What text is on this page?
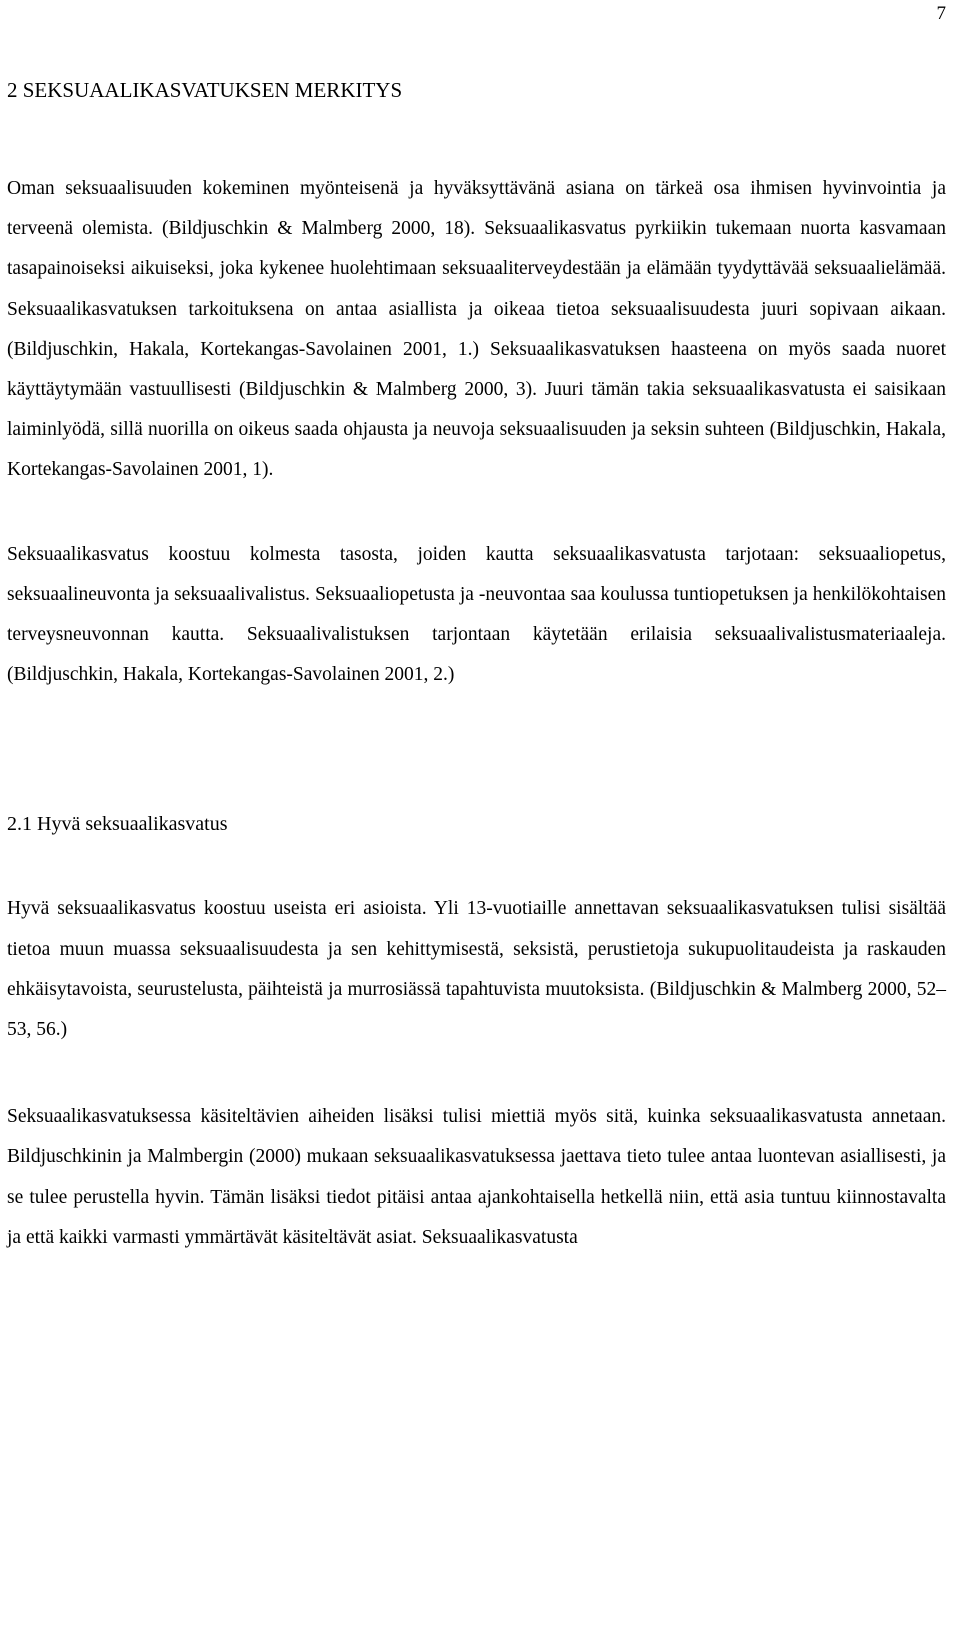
7
2 SEKSUAALIKASVATUKSEN MERKITYS

Oman seksuaalisuuden kokeminen myönteisenä ja hyväksyttävänä asiana on tärkeä osa ihmisen hyvinvointia ja terveenä olemista. (Bildjuschkin & Malmberg 2000, 18). Seksuaalikasvatus pyrkiikin tukemaan nuorta kasvamaan tasapainoiseksi aikuiseksi, joka kykenee huolehtimaan seksuaaliterveydestään ja elämään tyydyttävää seksuaalielämää. Seksuaalikasvatuksen tarkoituksena on antaa asiallista ja oikeaa tietoa seksuaalisuudesta juuri sopivaan aikaan. (Bildjuschkin, Hakala, Kortekangas-Savolainen 2001, 1.) Seksuaalikasvatuksen haasteena on myös saada nuoret käyttäytymään vastuullisesti (Bildjuschkin & Malmberg 2000, 3). Juuri tämän takia seksuaalikasvatusta ei saisikaan laiminlyödä, sillä nuorilla on oikeus saada ohjausta ja neuvoja seksuaalisuuden ja seksin suhteen (Bildjuschkin, Hakala, Kortekangas-Savolainen 2001, 1).

Seksuaalikasvatus koostuu kolmesta tasosta, joiden kautta seksuaalikasvatusta tarjotaan: seksuaaliopetus, seksuaalineuvonta ja seksuaalivalistus. Seksuaaliopetusta ja -neuvontaa saa koulussa tuntiopetuksen ja henkilökohtaisen terveysneuvonnan kautta. Seksuaalivalistuksen tarjontaan käytetään erilaisia seksuaalivalistusmateriaaleja. (Bildjuschkin, Hakala, Kortekangas-Savolainen 2001, 2.)

2.1 Hyvä seksuaalikasvatus

Hyvä seksuaalikasvatus koostuu useista eri asioista. Yli 13-vuotiaille annettavan seksuaalikasvatuksen tulisi sisältää tietoa muun muassa seksuaalisuudesta ja sen kehittymisestä, seksistä, perustietoja sukupuolitaudeista ja raskauden ehkäisytavoista, seurustelusta, päihteistä ja murrosiässä tapahtuvista muutoksista. (Bildjuschkin & Malmberg 2000, 52–53, 56.)

Seksuaalikasvatuksessa käsiteltävien aiheiden lisäksi tulisi miettiä myös sitä, kuinka seksuaalikasvatusta annetaan. Bildjuschkinin ja Malmbergin (2000) mukaan seksuaalikasvatuksessa jaettava tieto tulee antaa luontevan asiallisesti, ja se tulee perustella hyvin. Tämän lisäksi tiedot pitäisi antaa ajankohtaisella hetkellä niin, että asia tuntuu kiinnostavalta ja että kaikki varmasti ymmärtävät käsiteltävät asiat. Seksuaalikasvatusta
